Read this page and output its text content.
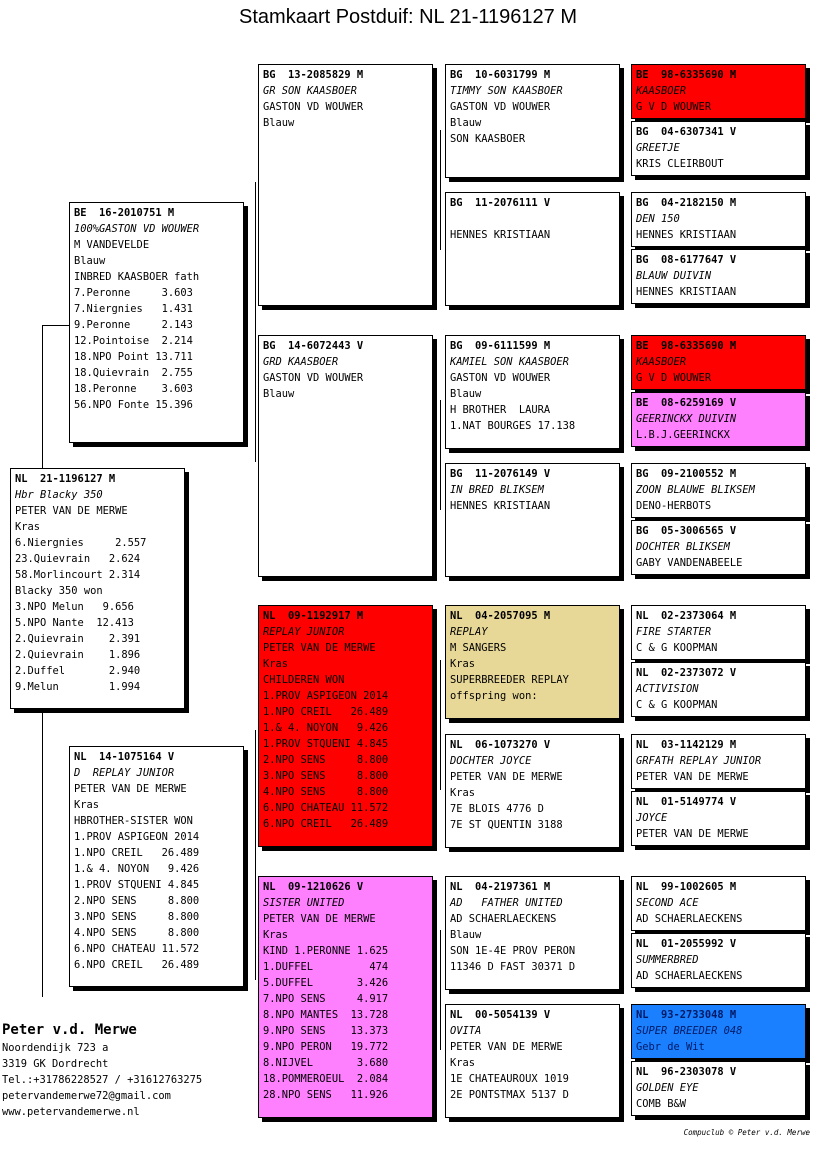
Stamkaart Postduif: NL 21-1196127 M
NL  21-1196127 M
Hbr Blacky 350
PETER VAN DE MERWE
Kras
6.Niergnies     2.557
23.Quievrain   2.624
58.Morlincourt 2.314
Blacky 350 won
3.NPO Melun   9.656
5.NPO Nante  12.413
2.Quievrain    2.391
2.Quievrain    1.896
2.Duffel       2.940
9.Melun        1.994
BE  16-2010751 M
100%GASTON VD WOUWER
M VANDEVELDE
Blauw
INBRED KAASBOER fath
7.Peronne     3.603
7.Niergnies   1.431
9.Peronne     2.143
12.Pointoise  2.214
18.NPO Point 13.711
18.Quievrain  2.755
18.Peronne    3.603
56.NPO Fonte 15.396
NL  14-1075164 V
D  REPLAY JUNIOR
PETER VAN DE MERWE
Kras
HBROTHER-SISTER WON
1.PROV ASPIGEON 2014
1.NPO CREIL   26.489
1.& 4. NOYON   9.426
1.PROV STQUENI 4.845
2.NPO SENS     8.800
3.NPO SENS     8.800
4.NPO SENS     8.800
6.NPO CHATEAU 11.572
6.NPO CREIL   26.489
BG  13-2085829 M
GR SON KAASBOER
GASTON VD WOUWER
Blauw
BG  14-6072443 V
GRD KAASBOER
GASTON VD WOUWER
Blauw
NL  09-1192917 M
REPLAY JUNIOR
PETER VAN DE MERWE
Kras
CHILDEREN WON
1.PROV ASPIGEON 2014
1.NPO CREIL   26.489
1.& 4. NOYON   9.426
1.PROV STQUENI 4.845
2.NPO SENS     8.800
3.NPO SENS     8.800
4.NPO SENS     8.800
6.NPO CHATEAU 11.572
6.NPO CREIL   26.489
NL  09-1210626 V
SISTER UNITED
PETER VAN DE MERWE
Kras
KIND 1.PERONNE 1.625
1.DUFFEL         474
5.DUFFEL       3.426
7.NPO SENS     4.917
8.NPO MANTES  13.728
9.NPO SENS    13.373
9.NPO PERON   19.772
8.NIJVEL       3.680
18.POMMEROEUL  2.084
28.NPO SENS   11.926
BG  10-6031799 M
TIMMY SON KAASBOER
GASTON VD WOUWER
Blauw
SON KAASBOER
BG  11-2076111 V

HENNES KRISTIAAN
BG  09-6111599 M
KAMIEL SON KAASBOER
GASTON VD WOUWER
Blauw
H BROTHER  LAURA
1.NAT BOURGES 17.138
BG  11-2076149 V
IN BRED BLIKSEM
HENNES KRISTIAAN
NL  04-2057095 M
REPLAY
M SANGERS
Kras
SUPERBREEDER REPLAY
offspring won:
NL  06-1073270 V
DOCHTER JOYCE
PETER VAN DE MERWE
Kras
7E BLOIS 4776 D
7E ST QUENTIN 3188
NL  04-2197361 M
AD   FATHER UNITED
AD SCHAERLAECKENS
Blauw
SON 1E-4E PROV PERON
11346 D FAST 30371 D
NL  00-5054139 V
OVITA
PETER VAN DE MERWE
Kras
1E CHATEAUROUX 1019
2E PONTSTMAX 5137 D
BE  98-6335690 M
KAASBOER
G V D WOUWER
BG  04-6307341 V
GREETJE
KRIS CLEIRBOUT
BG  04-2182150 M
DEN 150
HENNES KRISTIAAN
BG  08-6177647 V
BLAUW DUIVIN
HENNES KRISTIAAN
BE  98-6335690 M
KAASBOER
G V D WOUWER
BE  08-6259169 V
GEERINCKX DUIVIN
L.B.J.GEERINCKX
BG  09-2100552 M
ZOON BLAUWE BLIKSEM
DENO-HERBOTS
BG  05-3006565 V
DOCHTER BLIKSEM
GABY VANDENABEELE
NL  02-2373064 M
FIRE STARTER
C & G KOOPMAN
NL  02-2373072 V
ACTIVISION
C & G KOOPMAN
NL  03-1142129 M
GRFATH REPLAY JUNIOR
PETER VAN DE MERWE
NL  01-5149774 V
JOYCE
PETER VAN DE MERWE
NL  99-1002605 M
SECOND ACE
AD SCHAERLAECKENS
NL  01-2055992 V
SUMMERBRED
AD SCHAERLAECKENS
NL  93-2733048 M
SUPER BREEDER 048
Gebr de Wit
NL  96-2303078 V
GOLDEN EYE
COMB B&W
Peter v.d. Merwe
Noordendijk 723 a
3319 GK Dordrecht
Tel.:+31786228527 / +31612763275
petervandemerwe72@gmail.com
www.petervandemerwe.nl
Compuclub © Peter v.d. Merwe
